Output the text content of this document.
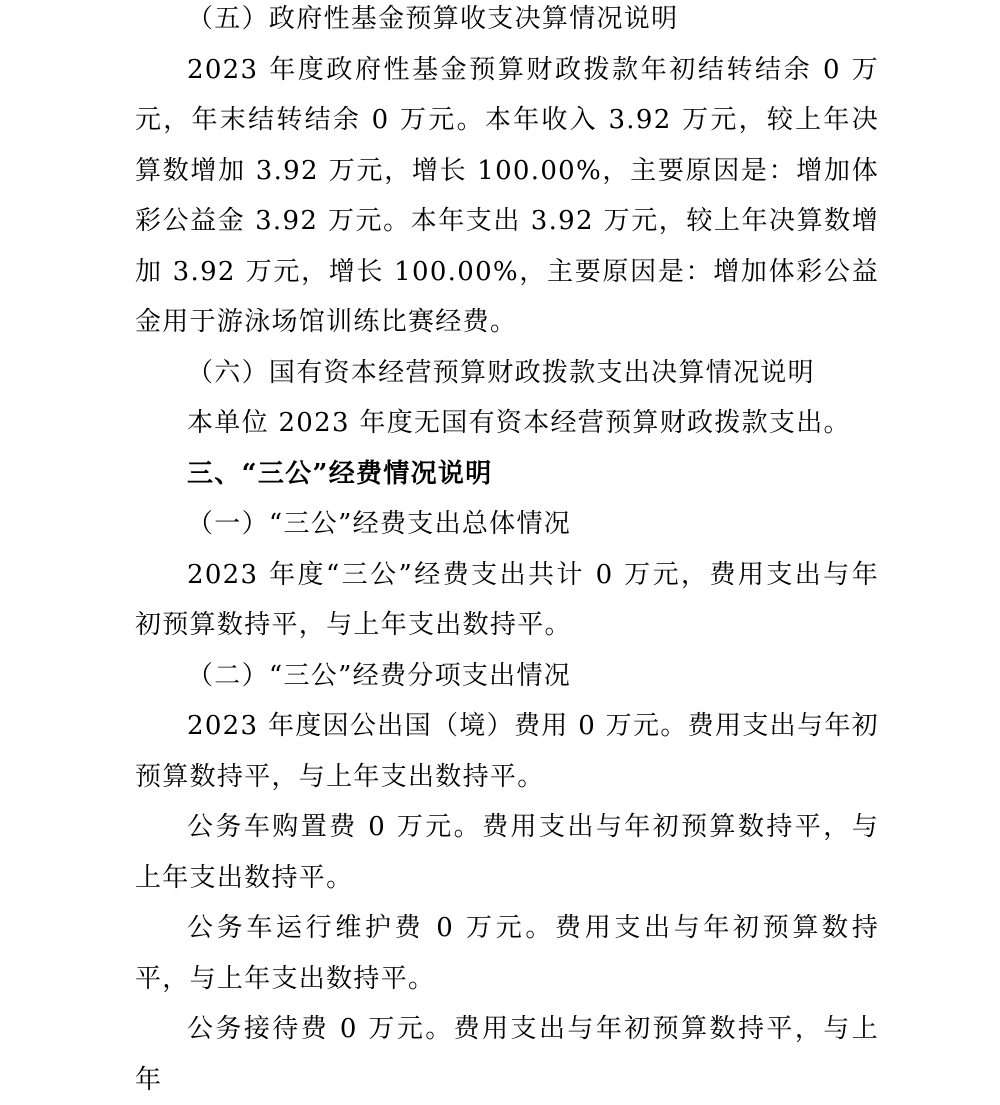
（五）政府性基金预算收支决算情况说明

2023 年度政府性基金预算财政拨款年初结转结余 0 万元，年末结转结余 0 万元。本年收入 3.92 万元，较上年决算数增加 3.92 万元，增长 100.00%，主要原因是：增加体彩公益金 3.92 万元。本年支出 3.92 万元，较上年决算数增加 3.92 万元，增长 100.00%，主要原因是：增加体彩公益金用于游泳场馆训练比赛经费。

（六）国有资本经营预算财政拨款支出决算情况说明

本单位 2023 年度无国有资本经营预算财政拨款支出。

三、“三公”经费情况说明

（一）“三公”经费支出总体情况

2023 年度“三公”经费支出共计 0 万元，费用支出与年初预算数持平，与上年支出数持平。

（二）“三公”经费分项支出情况

2023 年度因公出国（境）费用 0 万元。费用支出与年初预算数持平，与上年支出数持平。

公务车购置费 0 万元。费用支出与年初预算数持平，与上年支出数持平。

公务车运行维护费 0 万元。费用支出与年初预算数持平，与上年支出数持平。

公务接待费 0 万元。费用支出与年初预算数持平，与上年
